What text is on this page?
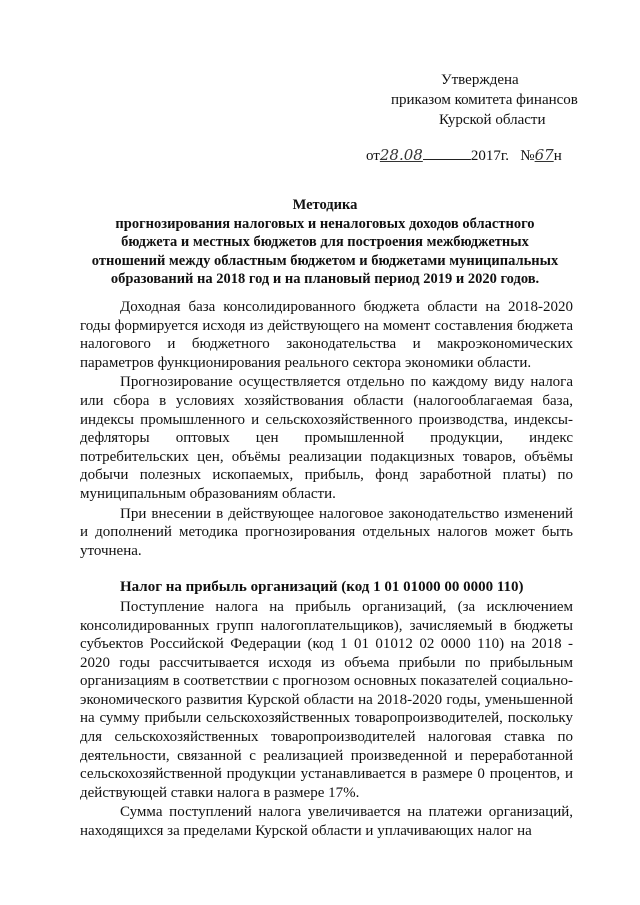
Утверждена
приказом комитета финансов
Курской области
от28.08	2017г. №67н
Методика
прогнозирования налоговых и неналоговых доходов областного
бюджета и местных бюджетов для построения межбюджетных
отношений между областным бюджетом и бюджетами муниципальных
образований на 2018 год и на плановый период 2019 и 2020 годов.

Доходная база консолидированного бюджета области на 2018-2020 годы формируется исходя из действующего на момент составления бюджета налогового и бюджетного законодательства и макроэкономических параметров функционирования реального сектора экономики области.

Прогнозирование осуществляется отдельно по каждому виду налога или сбора в условиях хозяйствования области (налогооблагаемая база, индексы промышленного и сельскохозяйственного производства, индексы-дефляторы оптовых цен промышленной продукции, индекс потребительских цен, объёмы реализации подакцизных товаров, объёмы добычи полезных ископаемых, прибыль, фонд заработной платы) по муниципальным образованиям области.

При внесении в действующее налоговое законодательство изменений и дополнений методика прогнозирования отдельных налогов может быть уточнена.

Налог на прибыль организаций (код 1 01 01000 00 0000 110)

Поступление налога на прибыль организаций, (за исключением консолидированных групп налогоплательщиков), зачисляемый в бюджеты субъектов Российской Федерации (код 1 01 01012 02 0000 110) на 2018 - 2020 годы рассчитывается исходя из объема прибыли по прибыльным организациям в соответствии с прогнозом основных показателей социально-экономического развития Курской области на 2018-2020 годы, уменьшенной на сумму прибыли сельскохозяйственных товаропроизводителей, поскольку для сельскохозяйственных товаропроизводителей налоговая ставка по деятельности, связанной с реализацией произведенной и переработанной сельскохозяйственной продукции устанавливается в размере 0 процентов, и действующей ставки налога в размере 17%.

Сумма поступлений налога увеличивается на платежи организаций, находящихся за пределами Курской области и уплачивающих налог на
